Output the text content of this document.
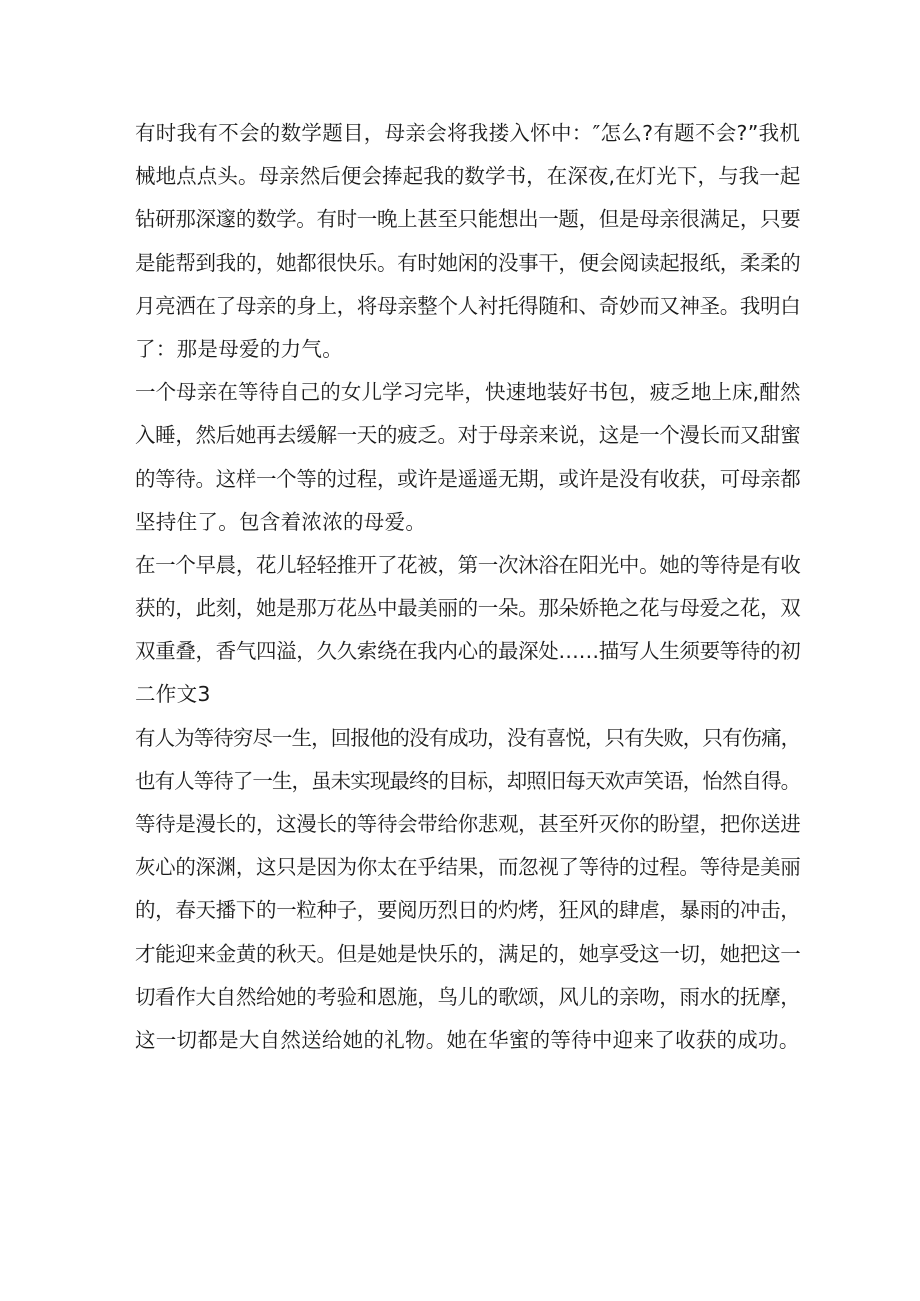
有时我有不会的数学题目，母亲会将我搂入怀中：″怎么?有题不会?”我机
械地点点头。母亲然后便会捧起我的数学书，在深夜,在灯光下，与我一起
钻研那深邃的数学。有时一晚上甚至只能想出一题，但是母亲很满足，只要
是能帮到我的，她都很快乐。有时她闲的没事干，便会阅读起报纸，柔柔的
月亮洒在了母亲的身上，将母亲整个人衬托得随和、奇妙而又神圣。我明白
了：那是母爱的力气。
一个母亲在等待自己的女儿学习完毕，快速地装好书包，疲乏地上床,酣然
入睡，然后她再去缓解一天的疲乏。对于母亲来说，这是一个漫长而又甜蜜
的等待。这样一个等的过程，或许是遥遥无期，或许是没有收获，可母亲都
坚持住了。包含着浓浓的母爱。
在一个早晨，花儿轻轻推开了花被，第一次沐浴在阳光中。她的等待是有收
获的，此刻，她是那万花丛中最美丽的一朵。那朵娇艳之花与母爱之花，双
双重叠，香气四溢，久久索绕在我内心的最深处……描写人生须要等待的初
二作文3
有人为等待穷尽一生，回报他的没有成功，没有喜悦，只有失败，只有伤痛，
也有人等待了一生，虽未实现最终的目标，却照旧每天欢声笑语，怡然自得。
等待是漫长的，这漫长的等待会带给你悲观，甚至歼灭你的盼望，把你送进
灰心的深渊，这只是因为你太在乎结果，而忽视了等待的过程。等待是美丽
的，春天播下的一粒种子，要阅历烈日的灼烤，狂风的肆虐，暴雨的冲击，
才能迎来金黄的秋天。但是她是快乐的，满足的，她享受这一切，她把这一
切看作大自然给她的考验和恩施，鸟儿的歌颂，风儿的亲吻，雨水的抚摩，
这一切都是大自然送给她的礼物。她在华蜜的等待中迎来了收获的成功。
